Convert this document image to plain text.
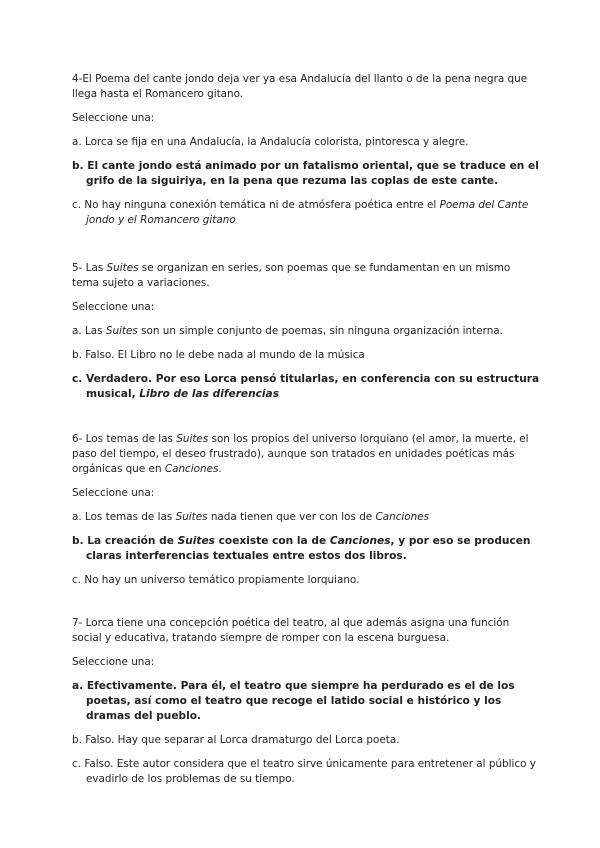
4-El Poema del cante jondo deja ver ya esa Andalucía del llanto o de la pena negra que llega hasta el Romancero gitano.

Seleccione una:

a. Lorca se fija en una Andalucía, la Andalucía colorista, pintoresca y alegre.

b. El cante jondo está animado por un fatalismo oriental, que se traduce en el grifo de la siguiriya, en la pena que rezuma las coplas de este cante.

c. No hay ninguna conexión temática ni de atmósfera poética entre el Poema del Cante jondo y el Romancero gitano

5- Las Suites se organizan en series, son poemas que se fundamentan en un mismo tema sujeto a variaciones.

Seleccione una:

a. Las Suites son un simple conjunto de poemas, sin ninguna organización interna.

b. Falso. El Libro no le debe nada al mundo de la música

c. Verdadero. Por eso Lorca pensó titularlas, en conferencia con su estructura musical, Libro de las diferencias

6- Los temas de las Suites son los propios del universo lorquiano (el amor, la muerte, el paso del tiempo, el deseo frustrado), aunque son tratados en unidades poéticas más orgánicas que en Canciones.

Seleccione una:

a. Los temas de las Suites nada tienen que ver con los de Canciones

b. La creación de Suites coexiste con la de Canciones, y por eso se producen claras interferencias textuales entre estos dos libros.

c. No hay un universo temático propiamente lorquiano.

7- Lorca tiene una concepción poética del teatro, al que además asigna una función social y educativa, tratando siempre de romper con la escena burguesa.

Seleccione una:

a. Efectivamente. Para él, el teatro que siempre ha perdurado es el de los poetas, así como el teatro que recoge el latido social e histórico y los dramas del pueblo.

b. Falso. Hay que separar al Lorca dramaturgo del Lorca poeta.

c. Falso. Este autor considera que el teatro sirve únicamente para entretener al público y evadirlo de los problemas de su tiempo.
